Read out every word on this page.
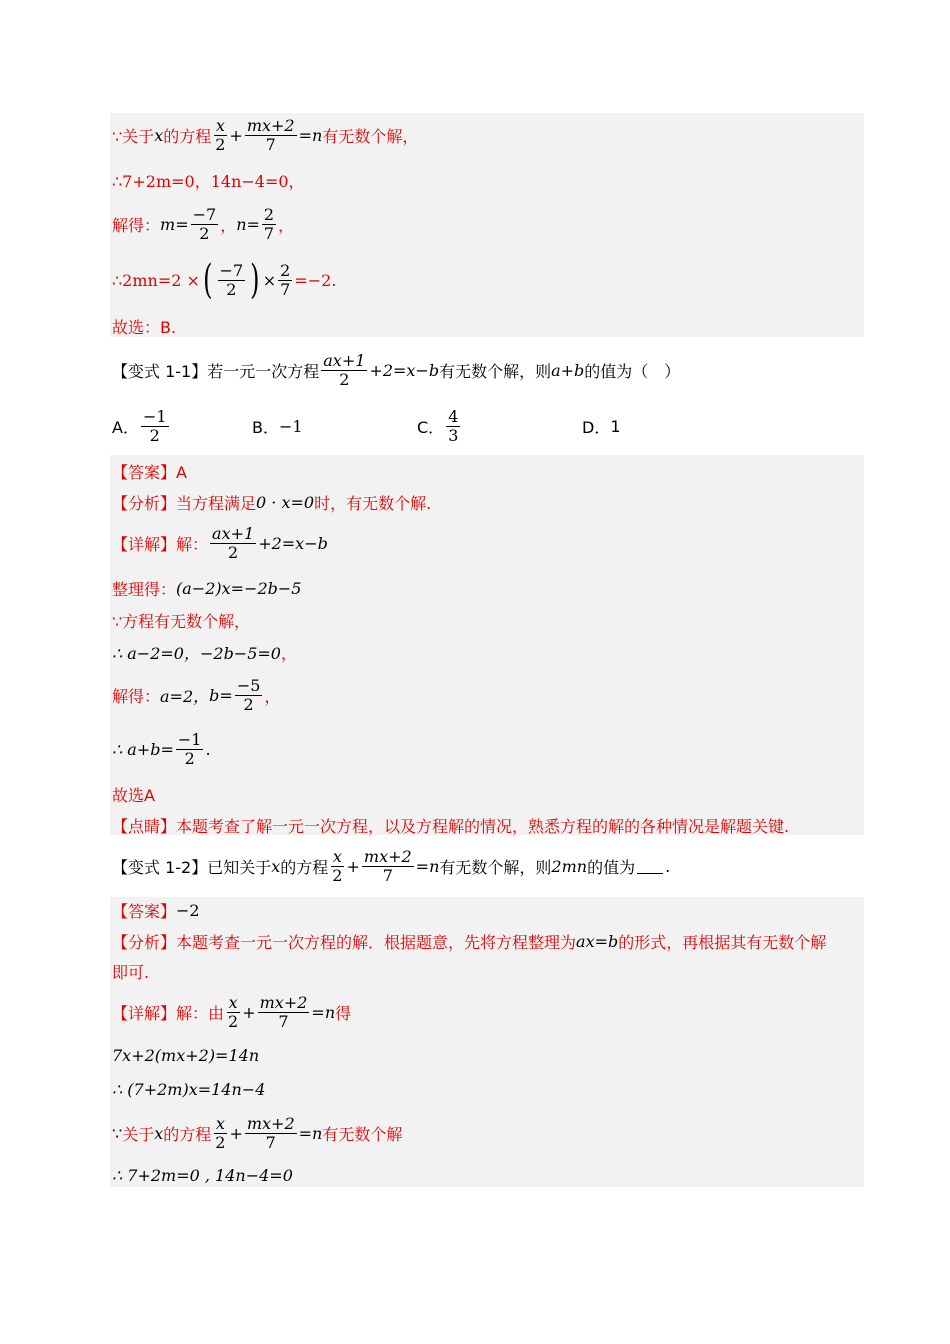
∵关于 x 的方程 $\frac{x}{2} + \frac{mx+2}{7} = n$ 有无数个解，
∴7+2m=0，14n−4=0，
解得： $m= \frac{-7}{2}$ ， $n= \frac{2}{7}$ ，
∴2mn=2 × ( $\frac{-7}{2}$ ) × $\frac{2}{7} =-2$.
故选：B.
【变式 1-1】 若一元一次方程 $\frac{ax+1}{2} +2=x-b$ 有无数个解，则 a+b 的值为（　）
A． $\frac{-1}{2}$	B． −1	C． $\frac{4}{3}$	D． 1
【答案】A
【分析】 当方程满足 0 · x=0 时，有无数个解.
【详解】 解： $\frac{ax+1}{2} +2=x-b$
整理得： (a−2)x=−2b−5
∵方程有无数个解，
∴ a−2=0，−2b−5=0 ，
解得： a=2， $b= \frac{-5}{2}$ ，
∴ $a+b= \frac{-1}{2}$ .
故选A
【点睛】 本题考查了解一元一次方程，以及方程解的情况，熟悉方程的解的各种情况是解题关键.
【变式 1-2】 已知关于 x 的方程 $\frac{x}{2} + \frac{mx+2}{7} =n$ 有无数个解，则 2mn 的值为 .
【答案】 −2
【分析】 本题考查一元一次方程的解．根据题意，先将方程整理为 ax=b 的形式，再根据其有无数个解
即可.
【详解】 解：由 $\frac{x}{2} + \frac{mx+2}{7} =n$ 得
7x+2(mx+2)=14n
∴ (7+2m)x=14n−4
∵ 关于 x 的方程 $\frac{x}{2} + \frac{mx+2}{7} =n$ 有无数个解
∴ 7+2m=0 , 14n−4=0
